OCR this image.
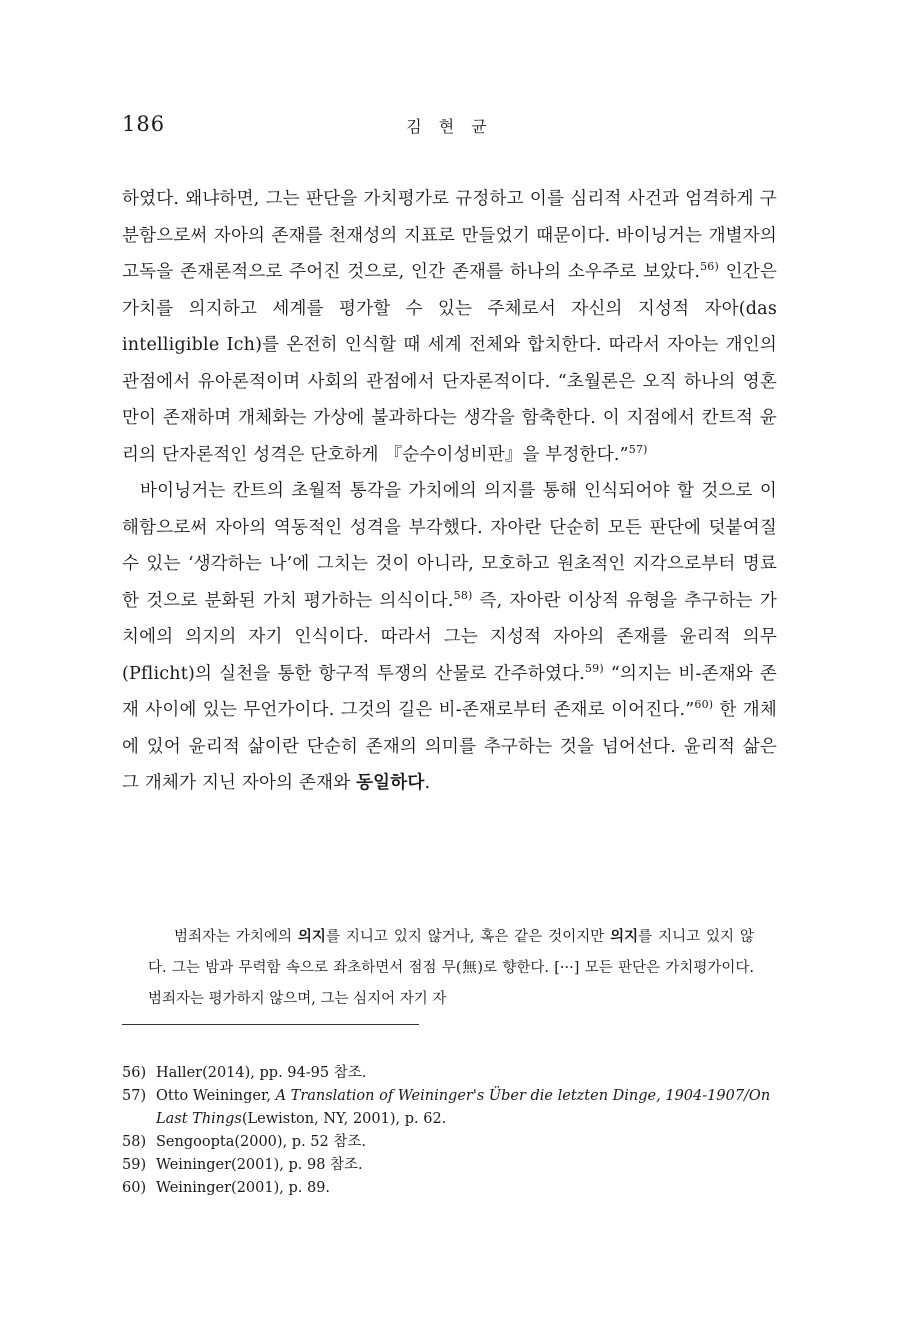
186	김 현 균

하였다. 왜냐하면, 그는 판단을 가치평가로 규정하고 이를 심리적 사건과 엄격하게 구분함으로써 자아의 존재를 천재성의 지표로 만들었기 때문이다. 바이닝거는 개별자의 고독을 존재론적으로 주어진 것으로, 인간 존재를 하나의 소우주로 보았다.$^{56)}$ 인간은 가치를 의지하고 세계를 평가할 수 있는 주체로서 자신의 지성적 자아(das intelligible Ich)를 온전히 인식할 때 세계 전체와 합치한다. 따라서 자아는 개인의 관점에서 유아론적이며 사회의 관점에서 단자론적이다. “초월론은 오직 하나의 영혼만이 존재하며 개체화는 가상에 불과하다는 생각을 함축한다. 이 지점에서 칸트적 윤리의 단자론적인 성격은 단호하게 『순수이성비판』을 부정한다.”$^{57)}$

바이닝거는 칸트의 초월적 통각을 가치에의 의지를 통해 인식되어야 할 것으로 이해함으로써 자아의 역동적인 성격을 부각했다. 자아란 단순히 모든 판단에 덧붙여질 수 있는 ‘생각하는 나’에 그치는 것이 아니라, 모호하고 원초적인 지각으로부터 명료한 것으로 분화된 가치 평가하는 의식이다.$^{58)}$ 즉, 자아란 이상적 유형을 추구하는 가치에의 의지의 자기 인식이다. 따라서 그는 지성적 자아의 존재를 윤리적 의무(Pflicht)의 실천을 통한 항구적 투쟁의 산물로 간주하였다.$^{59)}$ “의지는 비-존재와 존재 사이에 있는 무언가이다. 그것의 길은 비-존재로부터 존재로 이어진다.”$^{60)}$ 한 개체에 있어 윤리적 삶이란 단순히 존재의 의미를 추구하는 것을 넘어선다. 윤리적 삶은 그 개체가 지닌 자아의 존재와 동일하다.

범죄자는 가치에의 의지를 지니고 있지 않거나, 혹은 같은 것이지만 의지를 지니고 있지 않다. 그는 밤과 무력함 속으로 좌초하면서 점점 무(無)로 향한다. [···] 모든 판단은 가치평가이다. 범죄자는 평가하지 않으며, 그는 심지어 자기 자

56) Haller(2014), pp. 94-95 참조.
57) Otto Weininger, A Translation of Weininger's Über die letzten Dinge, 1904-1907/On Last Things(Lewiston, NY, 2001), p. 62.
58) Sengoopta(2000), p. 52 참조.
59) Weininger(2001), p. 98 참조.
60) Weininger(2001), p. 89.
